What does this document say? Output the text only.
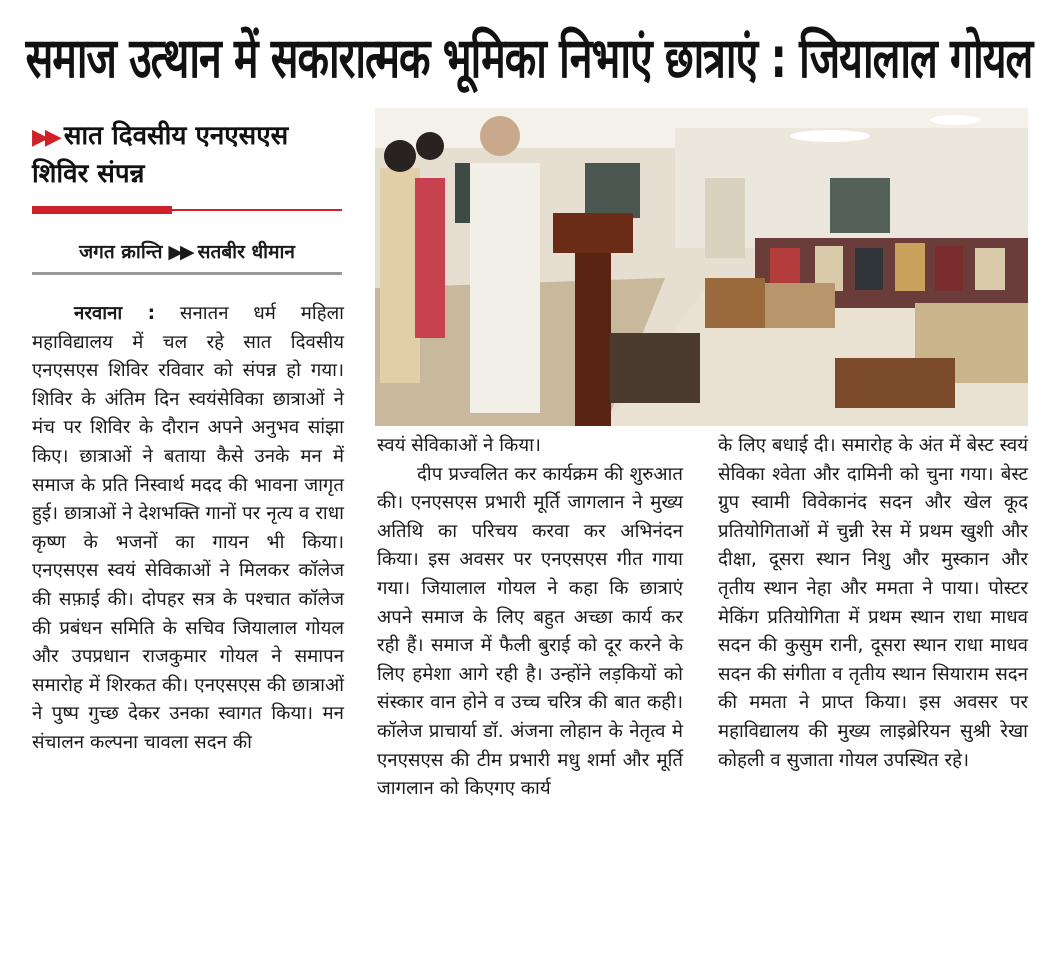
समाज उत्थान में सकारात्मक भूमिका निभाएं छात्राएं : जियालाल गोयल
▶▶ सात दिवसीय एनएसएस शिविर संपन्न
जगत क्रान्ति ▶▶ सतबीर धीमान
नरवाना : सनातन धर्म महिला महाविद्यालय में चल रहे सात दिवसीय एनएसएस शिविर रविवार को संपन्न हो गया। शिविर के अंतिम दिन स्वयंसेविका छात्राओं ने मंच पर शिविर के दौरान अपने अनुभव सांझा किए। छात्राओं ने बताया कैसे उनके मन में समाज के प्रति निस्वार्थ मदद की भावना जागृत हुई। छात्राओं ने देशभक्ति गानों पर नृत्य व राधा कृष्ण के भजनों का गायन भी किया। एनएसएस स्वयं सेविकाओं ने मिलकर कॉलेज की सफ़ाई की। दोपहर सत्र के पश्चात कॉलेज की प्रबंधन समिति के सचिव जियालाल गोयल और उपप्रधान राजकुमार गोयल ने समापन समारोह में शिरकत की। एनएसएस की छात्राओं ने पुष्प गुच्छ देकर उनका स्वागत किया। मन संचालन कल्पना चावला सदन की
स्वयं सेविकाओं ने किया।
दीप प्रज्वलित कर कार्यक्रम की शुरुआत की। एनएसएस प्रभारी मूर्ति जागलान ने मुख्य अतिथि का परिचय करवा कर अभिनंदन किया। इस अवसर पर एनएसएस गीत गाया गया। जियालाल गोयल ने कहा कि छात्राएं अपने समाज के लिए बहुत अच्छा कार्य कर रही हैं। समाज में फैली बुराई को दूर करने के लिए हमेशा आगे रही है। उन्होंने लड़कियों को संस्कार वान होने व उच्च चरित्र की बात कही। कॉलेज प्राचार्या डॉ. अंजना लोहान के नेतृत्व मे एनएसएस की टीम प्रभारी मधु शर्मा और मूर्ति जागलान को किएगए कार्य
के लिए बधाई दी। समारोह के अंत में बेस्ट स्वयं सेविका श्वेता और दामिनी को चुना गया। बेस्ट ग्रुप स्वामी विवेकानंद सदन और खेल कूद प्रतियोगिताओं में चुन्नी रेस में प्रथम खुशी और दीक्षा, दूसरा स्थान निशु और मुस्कान और तृतीय स्थान नेहा और ममता ने पाया। पोस्टर मेकिंग प्रतियोगिता में प्रथम स्थान राधा माधव सदन की कुसुम रानी, दूसरा स्थान राधा माधव सदन की संगीता व तृतीय स्थान सियाराम सदन की ममता ने प्राप्त किया। इस अवसर पर महाविद्यालय की मुख्य लाइब्रेरियन सुश्री रेखा कोहली व सुजाता गोयल उपस्थित रहे।
